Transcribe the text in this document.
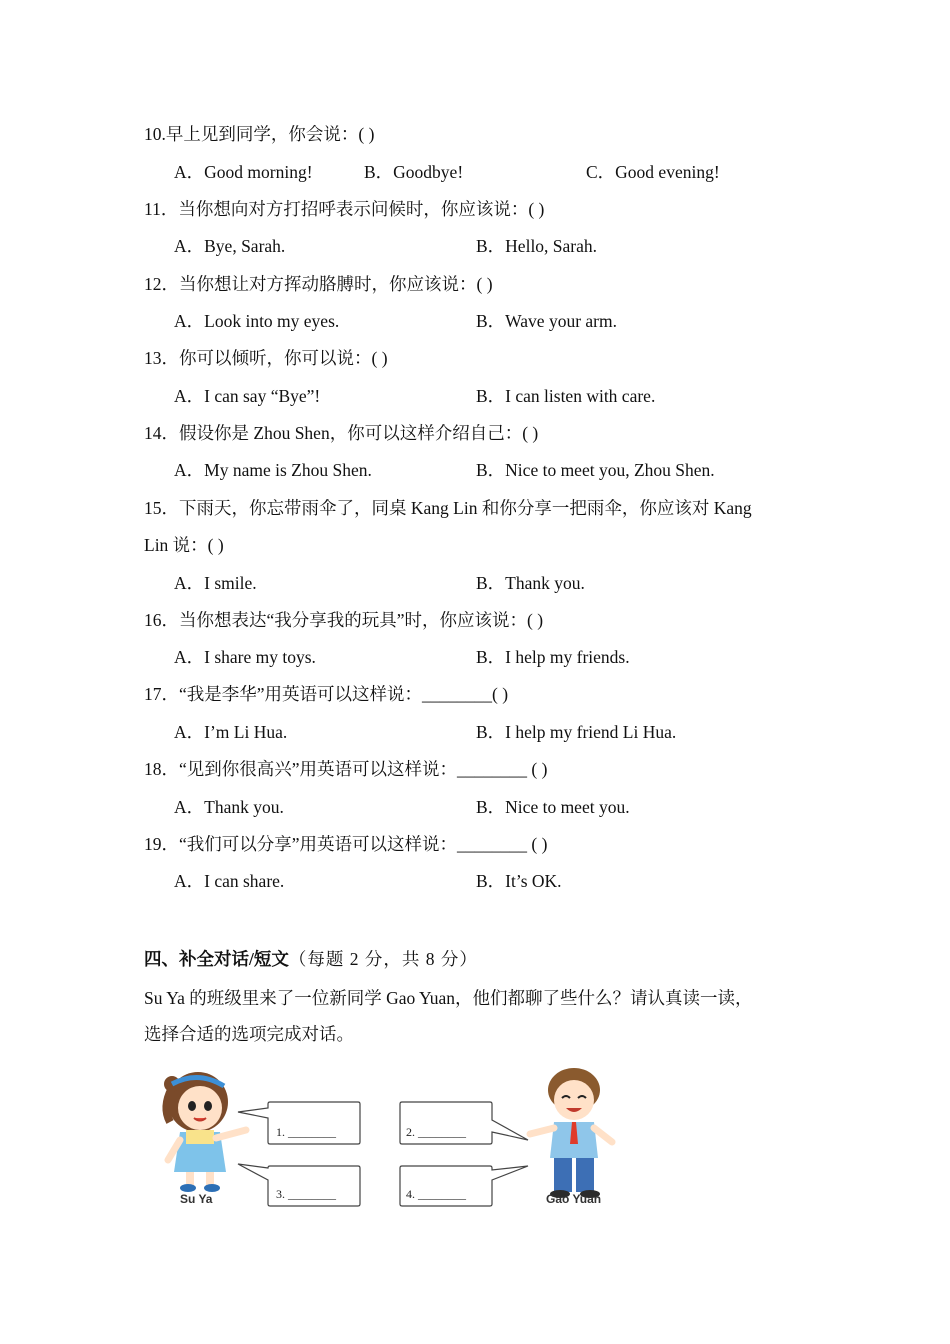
10.早上见到同学，你会说：( )
A．Good morning!	B．Goodbye!	C．Good evening!
11．当你想向对方打招呼表示问候时，你应该说：( )
A．Bye, Sarah.	B．Hello, Sarah.
12．当你想让对方挥动胳膊时，你应该说：( )
A．Look into my eyes.	B．Wave your arm.
13．你可以倾听，你可以说：( )
A．I can say “Bye”!	B．I can listen with care.
14．假设你是 Zhou Shen，你可以这样介绍自己：( )
A．My name is Zhou Shen.	B．Nice to meet you, Zhou Shen.
15．下雨天，你忘带雨伞了，同桌 Kang Lin 和你分享一把雨伞，你应该对 Kang
Lin 说：( )
A．I smile.	B．Thank you.
16．当你想表达“我分享我的玩具”时，你应该说：( )
A．I share my toys.	B．I help my friends.
17．“我是李华”用英语可以这样说：________( )
A．I’m Li Hua.	B．I help my friend Li Hua.
18．“见到你很高兴”用英语可以这样说：________ ( )
A．Thank you.	B．Nice to meet you.
19．“我们可以分享”用英语可以这样说：________ ( )
A．I can share.	B．It’s OK.
四、补全对话/短文（每题 2 分，共 8 分）
Su Ya 的班级里来了一位新同学 Gao Yuan，他们都聊了些什么？请认真读一读，
选择合适的选项完成对话。
Su Ya
1. ________
3. ________
2. ________
4. ________	Gao Yuan
